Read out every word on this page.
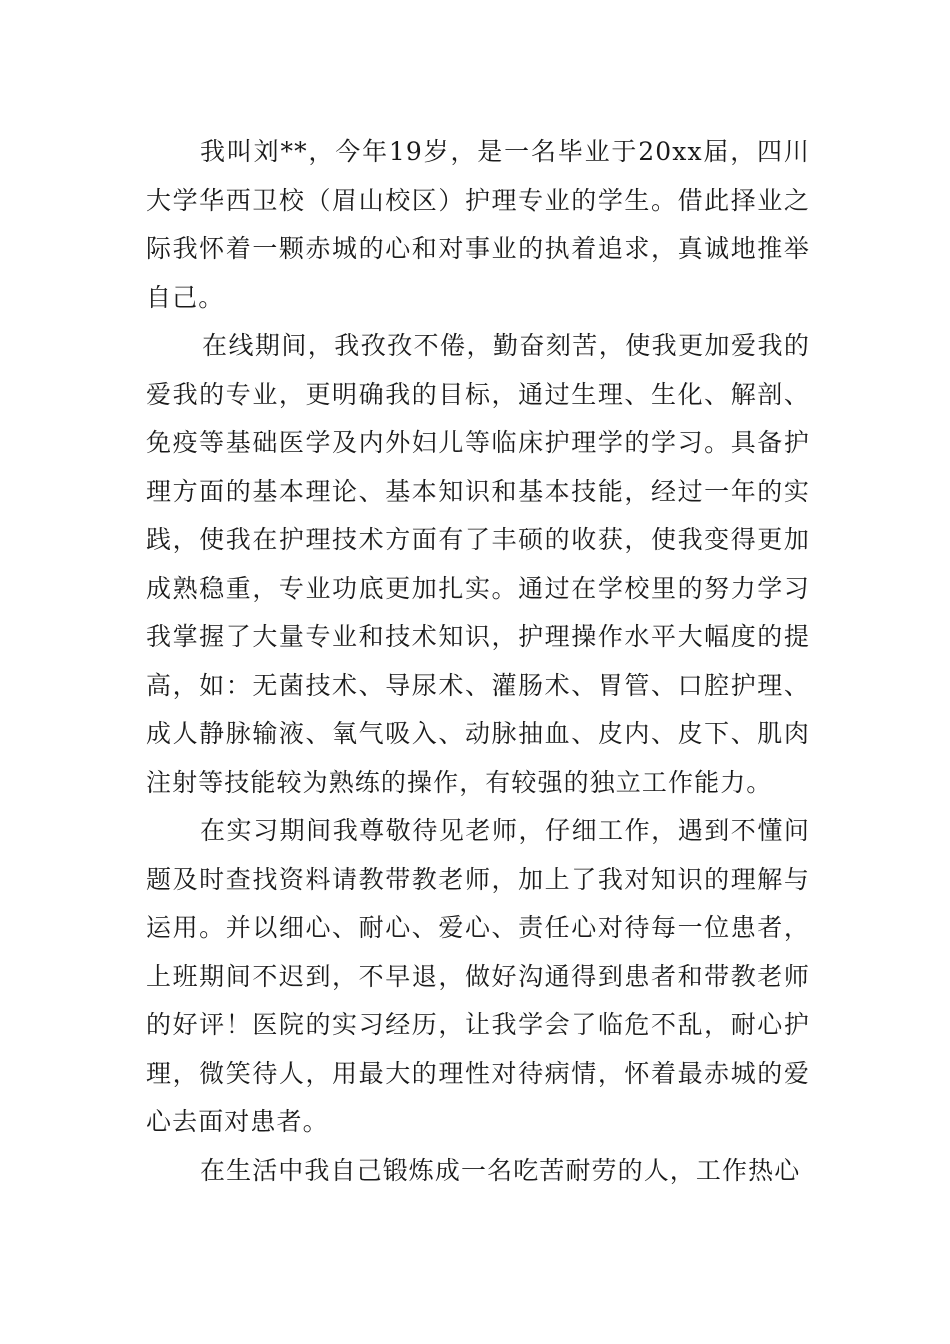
我叫刘**，今年19岁，是一名毕业于20xx届，四川大学华西卫校（眉山校区）护理专业的学生。借此择业之际我怀着一颗赤城的心和对事业的执着追求，真诚地推举自己。

在线期间，我孜孜不倦，勤奋刻苦，使我更加爱我的爱我的专业，更明确我的目标，通过生理、生化、解剖、免疫等基础医学及内外妇儿等临床护理学的学习。具备护理方面的基本理论、基本知识和基本技能，经过一年的实践，使我在护理技术方面有了丰硕的收获，使我变得更加成熟稳重，专业功底更加扎实。通过在学校里的努力学习我掌握了大量专业和技术知识，护理操作水平大幅度的提高，如：无菌技术、导尿术、灌肠术、胃管、口腔护理、成人静脉输液、氧气吸入、动脉抽血、皮内、皮下、肌肉注射等技能较为熟练的操作，有较强的独立工作能力。

在实习期间我尊敬待见老师，仔细工作，遇到不懂问题及时查找资料请教带教老师，加上了我对知识的理解与运用。并以细心、耐心、爱心、责任心对待每一位患者，上班期间不迟到，不早退，做好沟通得到患者和带教老师的好评！医院的实习经历，让我学会了临危不乱，耐心护理，微笑待人，用最大的理性对待病情，怀着最赤城的爱心去面对患者。

在生活中我自己锻炼成一名吃苦耐劳的人，工作热心
